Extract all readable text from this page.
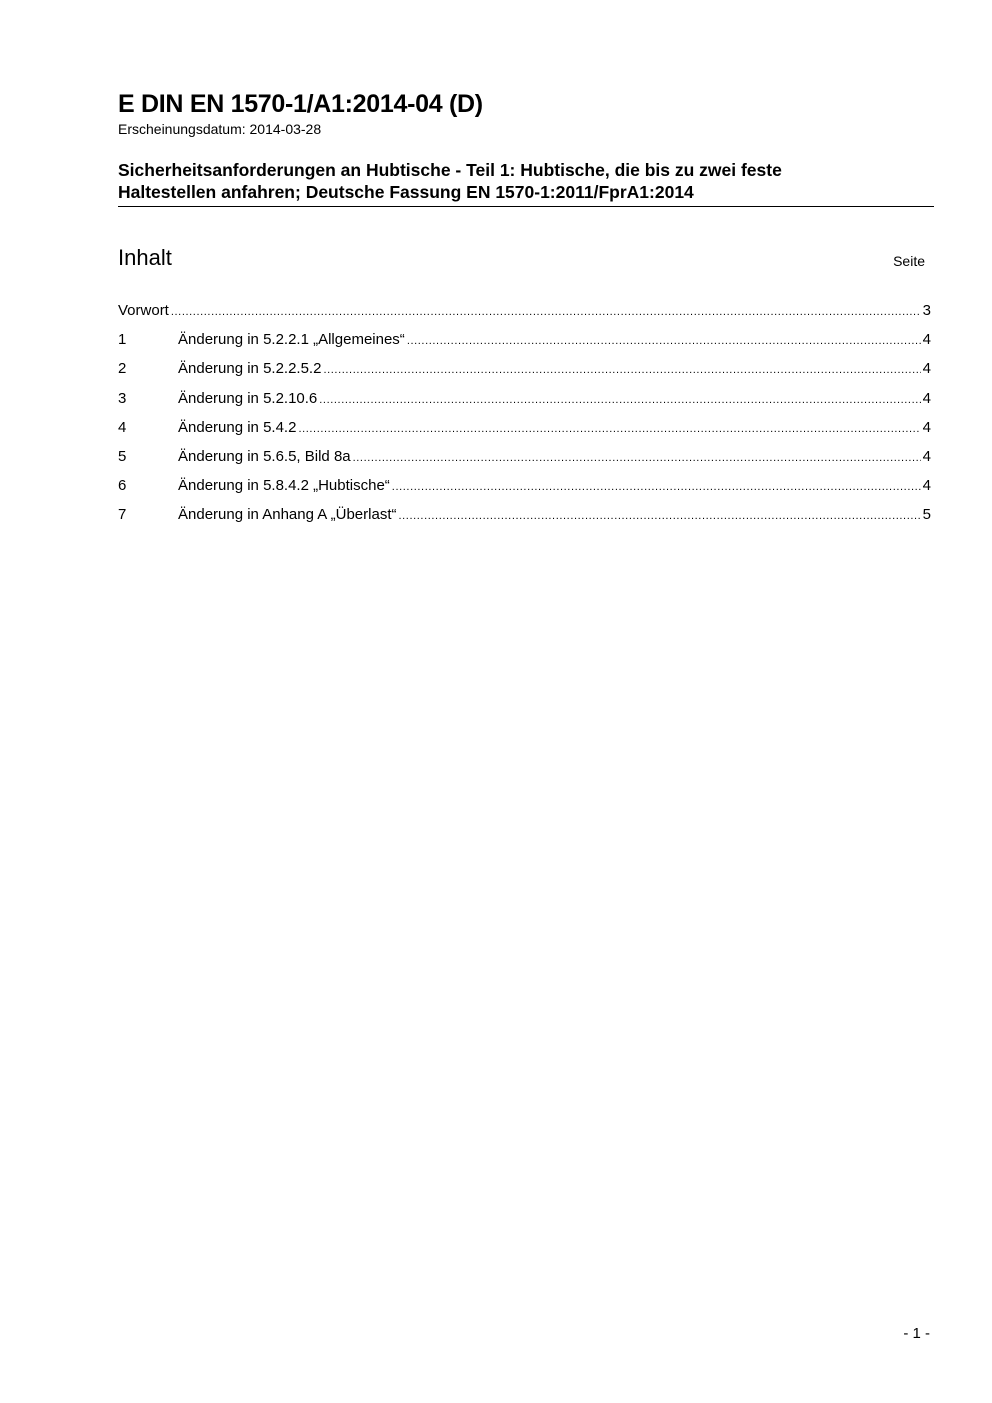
E DIN EN 1570-1/A1:2014-04 (D)
Erscheinungsdatum: 2014-03-28
Sicherheitsanforderungen an Hubtische - Teil 1: Hubtische, die bis zu zwei feste
Haltestellen anfahren; Deutsche Fassung EN 1570-1:2011/FprA1:2014
Inhalt	Seite
Vorwort .....	3
1	Änderung in 5.2.2.1 „Allgemeines“ .....	4
2	Änderung in 5.2.2.5.2 .....	4
3	Änderung in 5.2.10.6 .....	4
4	Änderung in 5.4.2 .....	4
5	Änderung in 5.6.5, Bild 8a .....	4
6	Änderung in 5.8.4.2 „Hubtische“ .....	4
7	Änderung in Anhang A „Überlast“ .....	5
- 1 -
